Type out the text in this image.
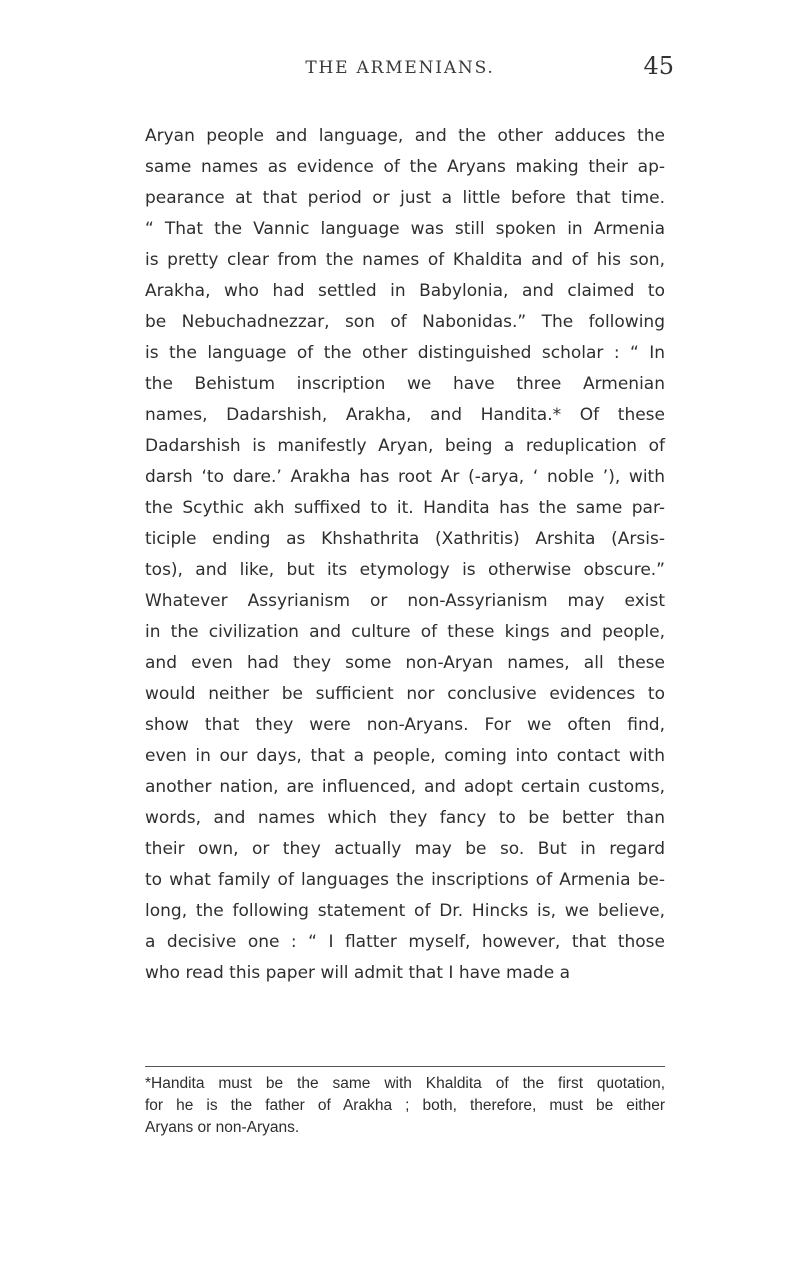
THE ARMENIANS.	45
Aryan people and language, and the other adduces the
same names as evidence of the Aryans making their ap-
pearance at that period or just a little before that time.
“ That the Vannic language was still spoken in Armenia
is pretty clear from the names of Khaldita and of his son,
Arakha, who had settled in Babylonia, and claimed to
be Nebuchadnezzar, son of Nabonidas.” The following
is the language of the other distinguished scholar : “ In
the Behistum inscription we have three Armenian
names, Dadarshish, Arakha, and Handita.* Of these
Dadarshish is manifestly Aryan, being a reduplication of
darsh ‘to dare.’ Arakha has root Ar (-arya, ‘ noble ’), with
the Scythic akh suffixed to it. Handita has the same par-
ticiple ending as Khshathrita (Xathritis) Arshita (Arsis-
tos), and like, but its etymology is otherwise obscure.”
Whatever Assyrianism or non-Assyrianism may exist
in the civilization and culture of these kings and people,
and even had they some non-Aryan names, all these
would neither be sufficient nor conclusive evidences to
show that they were non-Aryans. For we often find,
even in our days, that a people, coming into contact with
another nation, are influenced, and adopt certain customs,
words, and names which they fancy to be better than
their own, or they actually may be so. But in regard
to what family of languages the inscriptions of Armenia be-
long, the following statement of Dr. Hincks is, we believe,
a decisive one : “ I flatter myself, however, that those
who read this paper will admit that I have made a
*Handita must be the same with Khaldita of the first quotation,
for he is the father of Arakha ; both, therefore, must be either
Aryans or non-Aryans.
